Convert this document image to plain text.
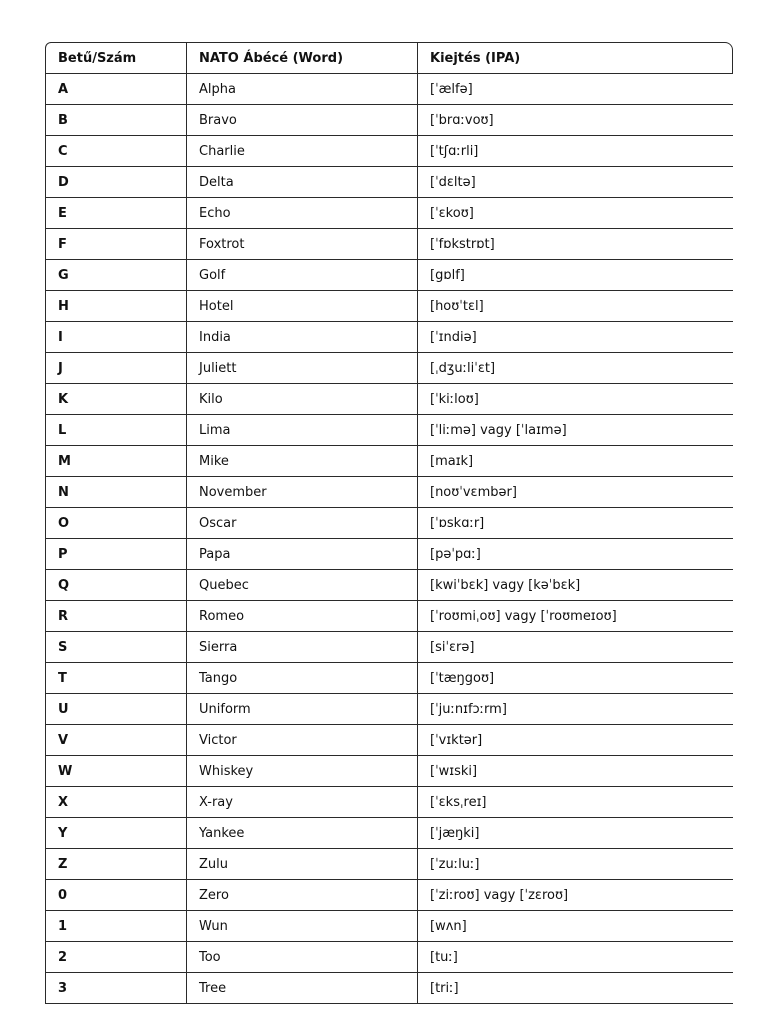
Betű/Szám	NATO Ábécé (Word)	Kiejtés (IPA)
A	Alpha	[ˈælfə]
B	Bravo	[ˈbrɑːvoʊ]
C	Charlie	[ˈtʃɑːrli]
D	Delta	[ˈdɛltə]
E	Echo	[ˈɛkoʊ]
F	Foxtrot	[ˈfɒkstrɒt]
G	Golf	[gɒlf]
H	Hotel	[hoʊˈtɛl]
I	India	[ˈɪndiə]
J	Juliett	[ˌdʒuːliˈɛt]
K	Kilo	[ˈkiːloʊ]
L	Lima	[ˈliːmə] vagy [ˈlaɪmə]
M	Mike	[maɪk]
N	November	[noʊˈvɛmbər]
O	Oscar	[ˈɒskɑːr]
P	Papa	[pəˈpɑː]
Q	Quebec	[kwiˈbɛk] vagy [kəˈbɛk]
R	Romeo	[ˈroʊmiˌoʊ] vagy [ˈroʊmeɪoʊ]
S	Sierra	[siˈɛrə]
T	Tango	[ˈtæŋgoʊ]
U	Uniform	[ˈjuːnɪfɔːrm]
V	Victor	[ˈvɪktər]
W	Whiskey	[ˈwɪski]
X	X-ray	[ˈɛksˌreɪ]
Y	Yankee	[ˈjæŋki]
Z	Zulu	[ˈzuːluː]
0	Zero	[ˈziːroʊ] vagy [ˈzɛroʊ]
1	Wun	[wʌn]
2	Too	[tuː]
3	Tree	[triː]
